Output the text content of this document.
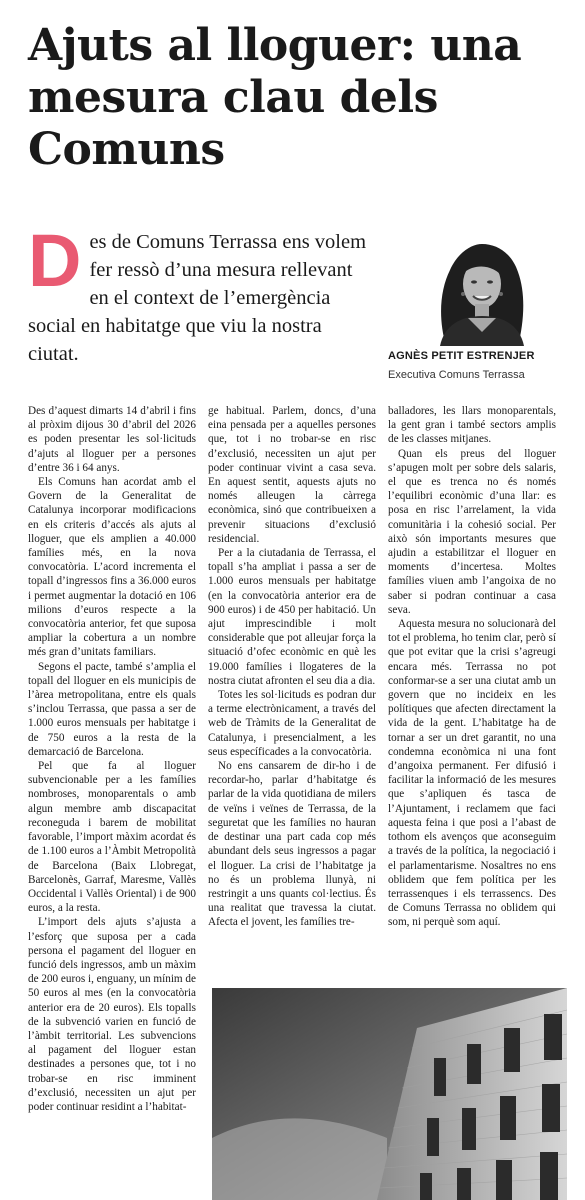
Ajuts al lloguer: una mesura clau dels Comuns
D es de Comuns Terrassa ens volem fer ressò d’una mesura rellevant en el context de l’emergència social en habitatge que viu la nostra ciutat.	AGNÈS PETIT ESTRENJER
Executiva Comuns Terrassa

Des d’aquest dimarts 14 d’abril i fins al pròxim dijous 30 d’abril del 2026 es poden presentar les sol·licituds d’ajuts al lloguer per a persones d’entre 36 i 64 anys.

Els Comuns han acordat amb el Govern de la Generalitat de Catalunya incorporar modificacions en els criteris d’accés als ajuts al lloguer, que els amplien a 40.000 famílies més, en la nova convocatòria. L’acord incrementa el topall d’ingressos fins a 36.000 euros i permet augmentar la dotació en 106 milions d’euros respecte a la convocatòria anterior, fet que suposa ampliar la cobertura a un nombre més gran d’unitats familiars.

Segons el pacte, també s’amplia el topall del lloguer en els municipis de l’àrea metropolitana, entre els quals s’inclou Terrassa, que passa a ser de 1.000 euros mensuals per habitatge i de 750 euros a la resta de la demarcació de Barcelona.

Pel que fa al lloguer subvencionable per a les famílies nombroses, monoparentals o amb algun membre amb discapacitat reconeguda i barem de mobilitat favorable, l’import màxim acordat és de 1.100 euros a l’Àmbit Metropolità de Barcelona (Baix Llobregat, Barcelonès, Garraf, Maresme, Vallès Occidental i Vallès Oriental) i de 900 euros, a la resta.

L’import dels ajuts s’ajusta a l’esforç que suposa per a cada persona el pagament del lloguer en funció dels ingressos, amb un màxim de 200 euros i, enguany, un mínim de 50 euros al mes (en la convocatòria anterior era de 20 euros). Els topalls de la subvenció varien en funció de l’àmbit territorial. Les subvencions al pagament del lloguer estan destinades a persones que, tot i no trobar-se en risc imminent d’exclusió, necessiten un ajut per poder continuar residint a l’habitat-

ge habitual. Parlem, doncs, d’una eina pensada per a aquelles persones que, tot i no trobar-se en risc d’exclusió, necessiten un ajut per poder continuar vivint a casa seva. En aquest sentit, aquests ajuts no només alleugen la càrrega econòmica, sinó que contribueixen a prevenir situacions d’exclusió residencial.

Per a la ciutadania de Terrassa, el topall s’ha ampliat i passa a ser de 1.000 euros mensuals per habitatge (en la convocatòria anterior era de 900 euros) i de 450 per habitació. Un ajut imprescindible i molt considerable que pot alleujar força la situació d’ofec econòmic en què les 19.000 famílies i llogateres de la nostra ciutat afronten el seu dia a dia.

Totes les sol·licituds es podran dur a terme electrònicament, a través del web de Tràmits de la Generalitat de Catalunya, i presencialment, a les seus específicades a la convocatòria.

No ens cansarem de dir-ho i de recordar-ho, parlar d’habitatge és parlar de la vida quotidiana de milers de veïns i veïnes de Terrassa, de la seguretat que les famílies no hauran de destinar una part cada cop més abundant dels seus ingressos a pagar el lloguer. La crisi de l’habitatge ja no és un problema llunyà, ni restringit a uns quants col·lectius. És una realitat que travessa la ciutat. Afecta el jovent, les famílies tre-

balladores, les llars monoparentals, la gent gran i també sectors amplis de les classes mitjanes.

Quan els preus del lloguer s’apugen molt per sobre dels salaris, el que es trenca no és només l’equilibri econòmic d’una llar: es posa en risc l’arrelament, la vida comunitària i la cohesió social. Per això són importants mesures que ajudin a estabilitzar el lloguer en moments d’incertesa. Moltes famílies viuen amb l’angoixa de no saber si podran continuar a casa seva.

Aquesta mesura no solucionarà del tot el problema, ho tenim clar, però sí que pot evitar que la crisi s’agreugi encara més. Terrassa no pot conformar-se a ser una ciutat amb un govern que no incideix en les polítiques que afecten directament la vida de la gent. L’habitatge ha de tornar a ser un dret garantit, no una condemna econòmica ni una font d’angoixa permanent. Fer difusió i facilitar la informació de les mesures que s’apliquen és tasca de l’Ajuntament, i reclamem que faci aquesta feina i que posi a l’abast de tothom els avenços que aconseguim a través de la política, la negociació i el parlamentarisme. Nosaltres no ens oblidem que fem política per les terrassenques i els terrassencs. Des de Comuns Terrassa no oblidem qui som, ni perquè som aquí.
